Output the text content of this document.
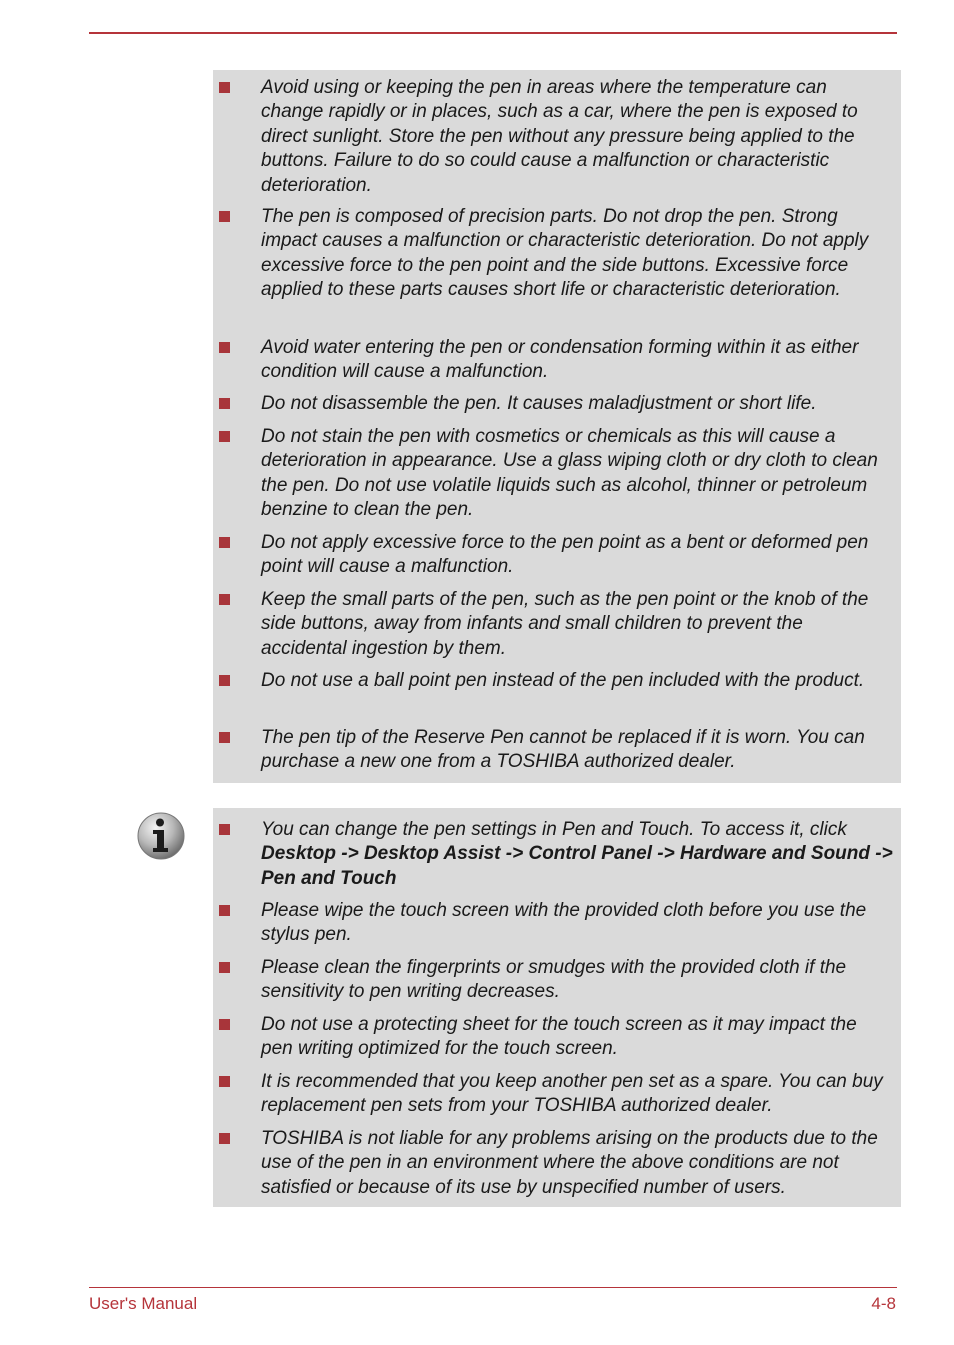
Avoid using or keeping the pen in areas where the temperature can change rapidly or in places, such as a car, where the pen is exposed to direct sunlight. Store the pen without any pressure being applied to the buttons. Failure to do so could cause a malfunction or characteristic deterioration.
The pen is composed of precision parts. Do not drop the pen. Strong impact causes a malfunction or characteristic deterioration. Do not apply excessive force to the pen point and the side buttons. Excessive force applied to these parts causes short life or characteristic deterioration.
Avoid water entering the pen or condensation forming within it as either condition will cause a malfunction.
Do not disassemble the pen. It causes maladjustment or short life.
Do not stain the pen with cosmetics or chemicals as this will cause a deterioration in appearance. Use a glass wiping cloth or dry cloth to clean the pen. Do not use volatile liquids such as alcohol, thinner or petroleum benzine to clean the pen.
Do not apply excessive force to the pen point as a bent or deformed pen point will cause a malfunction.
Keep the small parts of the pen, such as the pen point or the knob of the side buttons, away from infants and small children to prevent the accidental ingestion by them.
Do not use a ball point pen instead of the pen included with the product.
The pen tip of the Reserve Pen cannot be replaced if it is worn. You can purchase a new one from a TOSHIBA authorized dealer.
You can change the pen settings in Pen and Touch. To access it, click Desktop -> Desktop Assist -> Control Panel -> Hardware and Sound -> Pen and Touch
Please wipe the touch screen with the provided cloth before you use the stylus pen.
Please clean the fingerprints or smudges with the provided cloth if the sensitivity to pen writing decreases.
Do not use a protecting sheet for the touch screen as it may impact the pen writing optimized for the touch screen.
It is recommended that you keep another pen set as a spare. You can buy replacement pen sets from your TOSHIBA authorized dealer.
TOSHIBA is not liable for any problems arising on the products due to the use of the pen in an environment where the above conditions are not satisfied or because of its use by unspecified number of users.
User's Manual	4-8
